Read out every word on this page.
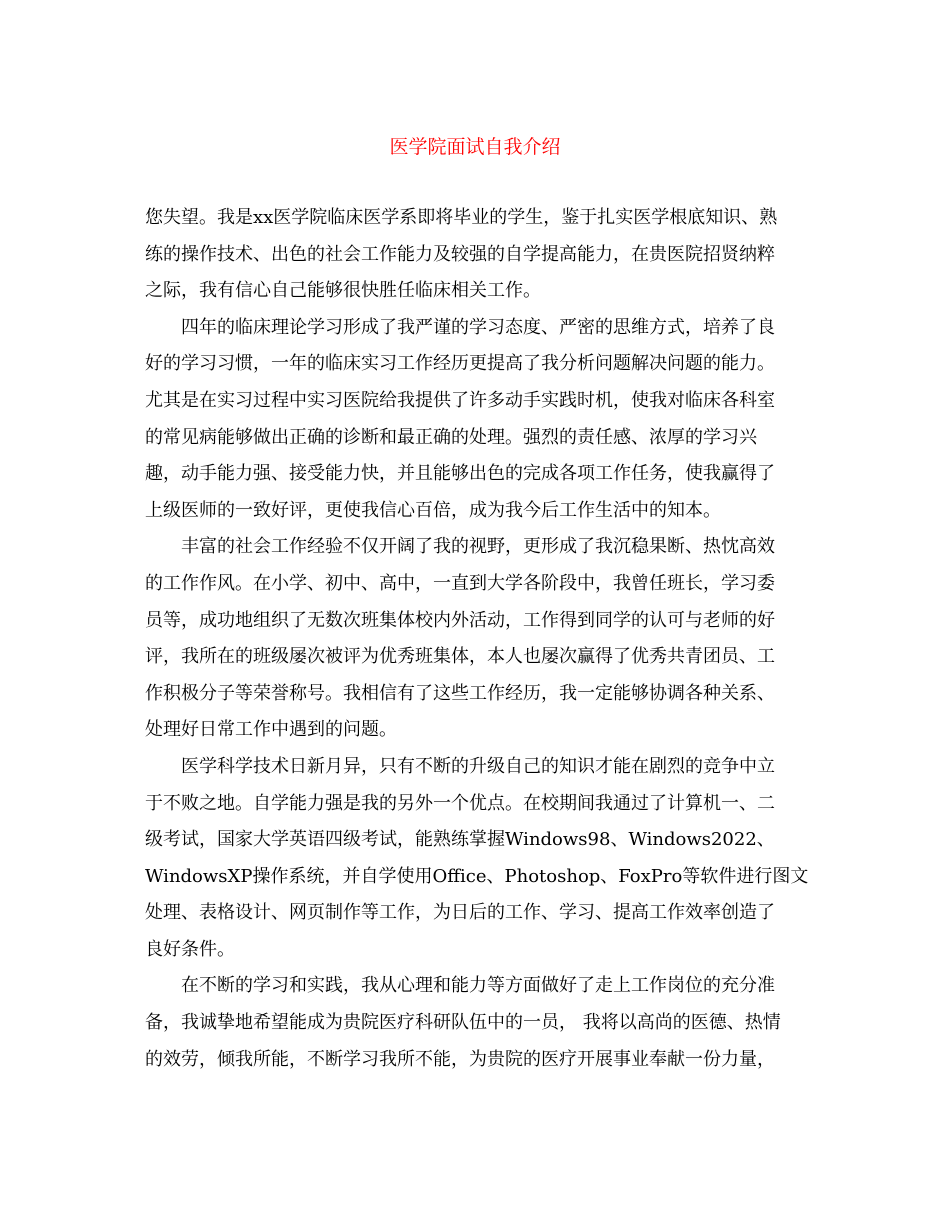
医学院面试自我介绍

您失望。我是xx医学院临床医学系即将毕业的学生，鉴于扎实医学根底知识、熟
练的操作技术、出色的社会工作能力及较强的自学提高能力，在贵医院招贤纳粹
之际，我有信心自己能够很快胜任临床相关工作。

四年的临床理论学习形成了我严谨的学习态度、严密的思维方式，培养了良
好的学习习惯，一年的临床实习工作经历更提高了我分析问题解决问题的能力。
尤其是在实习过程中实习医院给我提供了许多动手实践时机，使我对临床各科室
的常见病能够做出正确的诊断和最正确的处理。强烈的责任感、浓厚的学习兴
趣，动手能力强、接受能力快，并且能够出色的完成各项工作任务，使我赢得了
上级医师的一致好评，更使我信心百倍，成为我今后工作生活中的知本。

丰富的社会工作经验不仅开阔了我的视野，更形成了我沉稳果断、热忱高效
的工作作风。在小学、初中、高中，一直到大学各阶段中，我曾任班长，学习委
员等，成功地组织了无数次班集体校内外活动，工作得到同学的认可与老师的好
评，我所在的班级屡次被评为优秀班集体，本人也屡次赢得了优秀共青团员、工
作积极分子等荣誉称号。我相信有了这些工作经历，我一定能够协调各种关系、
处理好日常工作中遇到的问题。

医学科学技术日新月异，只有不断的升级自己的知识才能在剧烈的竞争中立
于不败之地。自学能力强是我的另外一个优点。在校期间我通过了计算机一、二
级考试，国家大学英语四级考试，能熟练掌握Windows98、Windows2022、
WindowsXP操作系统，并自学使用Office、Photoshop、FoxPro等软件进行图文
处理、表格设计、网页制作等工作，为日后的工作、学习、提高工作效率创造了
良好条件。

在不断的学习和实践，我从心理和能力等方面做好了走上工作岗位的充分准
备，我诚挚地希望能成为贵院医疗科研队伍中的一员， 我将以高尚的医德、热情
的效劳，倾我所能，不断学习我所不能，为贵院的医疗开展事业奉献一份力量，
